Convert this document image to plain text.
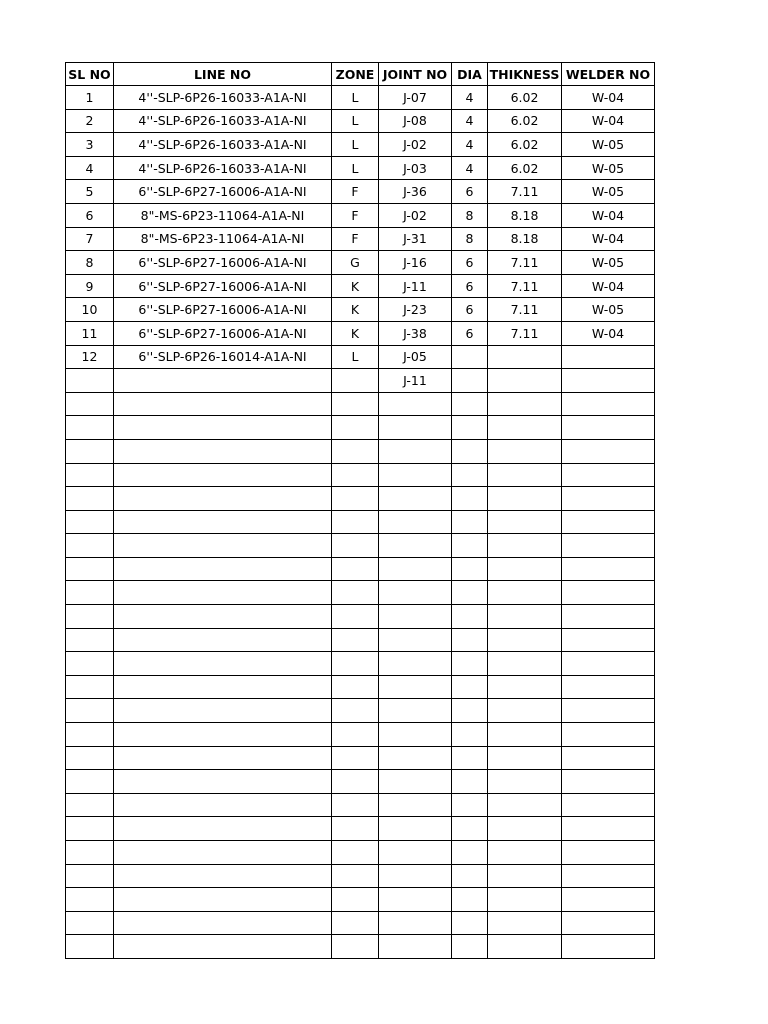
SL NO	LINE NO	ZONE	JOINT NO	DIA	THIKNESS	WELDER NO
1	4''-SLP-6P26-16033-A1A-NI	L	J-07	4	6.02	W-04
2	4''-SLP-6P26-16033-A1A-NI	L	J-08	4	6.02	W-04
3	4''-SLP-6P26-16033-A1A-NI	L	J-02	4	6.02	W-05
4	4''-SLP-6P26-16033-A1A-NI	L	J-03	4	6.02	W-05
5	6''-SLP-6P27-16006-A1A-NI	F	J-36	6	7.11	W-05
6	8"-MS-6P23-11064-A1A-NI	F	J-02	8	8.18	W-04
7	8"-MS-6P23-11064-A1A-NI	F	J-31	8	8.18	W-04
8	6''-SLP-6P27-16006-A1A-NI	G	J-16	6	7.11	W-05
9	6''-SLP-6P27-16006-A1A-NI	K	J-11	6	7.11	W-04
10	6''-SLP-6P27-16006-A1A-NI	K	J-23	6	7.11	W-05
11	6''-SLP-6P27-16006-A1A-NI	K	J-38	6	7.11	W-04
12	6''-SLP-6P26-16014-A1A-NI	L	J-05			
			J-11			
